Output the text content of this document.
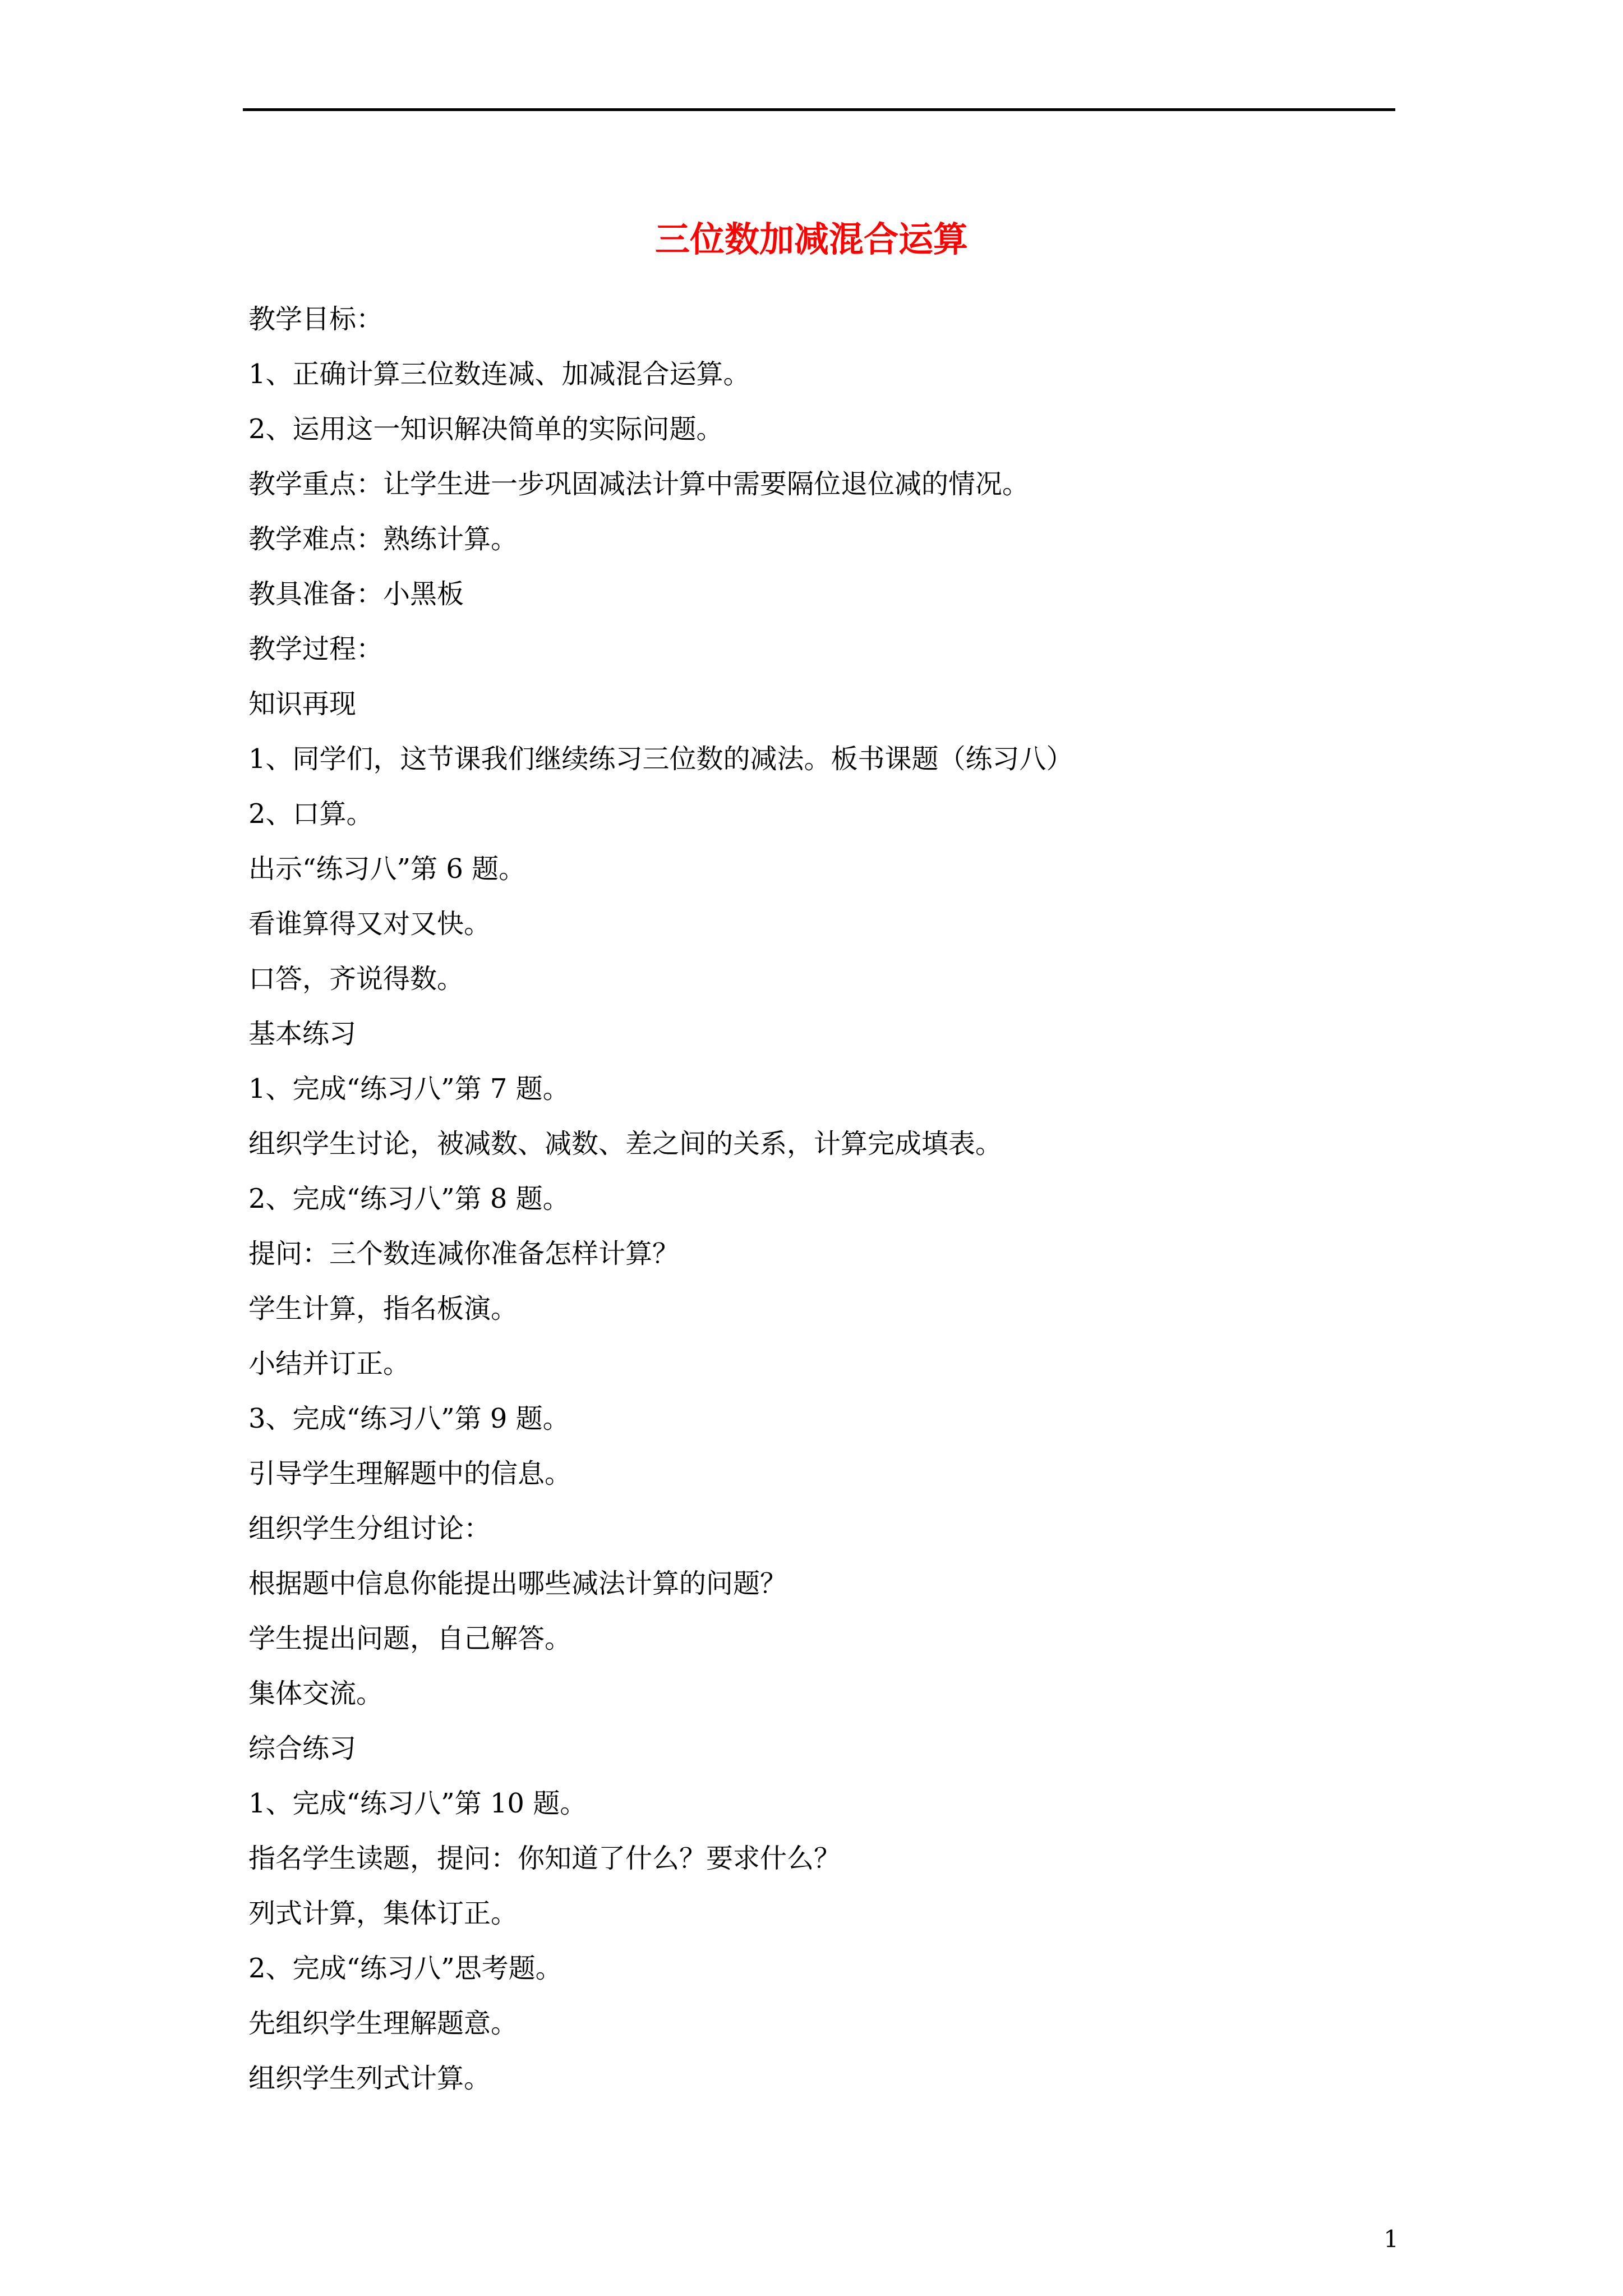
三位数加减混合运算

教学目标：

1、正确计算三位数连减、加减混合运算。

2、运用这一知识解决简单的实际问题。

教学重点：让学生进一步巩固减法计算中需要隔位退位减的情况。

教学难点：熟练计算。

教具准备：小黑板

教学过程：

知识再现

1、同学们，这节课我们继续练习三位数的减法。板书课题（练习八）

2、口算。

出示“练习八”第 6 题。

看谁算得又对又快。

口答，齐说得数。

基本练习

1、完成“练习八”第 7 题。

组织学生讨论，被减数、减数、差之间的关系，计算完成填表。

2、完成“练习八”第 8 题。

提问：三个数连减你准备怎样计算？

学生计算，指名板演。

小结并订正。

3、完成“练习八”第 9 题。

引导学生理解题中的信息。

组织学生分组讨论：

根据题中信息你能提出哪些减法计算的问题？

学生提出问题，自己解答。

集体交流。

综合练习

1、完成“练习八”第 10 题。

指名学生读题，提问：你知道了什么？要求什么？

列式计算，集体订正。

2、完成“练习八”思考题。

先组织学生理解题意。

组织学生列式计算。

1
